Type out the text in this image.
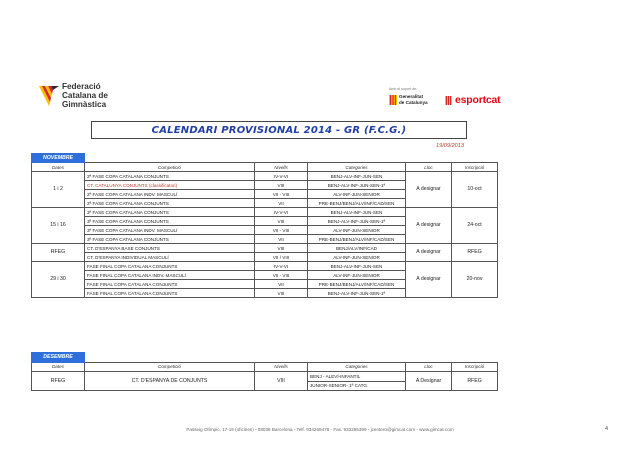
Federació
Catalana de
Gimnàstica
Amb el suport de:
Generalitat
de Catalunya	esportcat
CALENDARI PROVISIONAL 2014 - GR (F.C.G.)
19/09/2013
NOVEMBRE					
Dates	Competició	Nivells	Categories	Lloc	Inscripció
1 i 2	2ª FASE COPA CATALANA CONJUNTS	IV-V-VI	BENJ-ALV-INF-JUN-SEN	A designar	10-oct
	CT. CATALUNYA CONJUNTS (classificatori)	VIII	BENJ-ALV-INF-JUN-SEN-1ª		
	2ª FASE COPA CATALANA INDV. MASCULÍ	VII - VIII	ALV-INF-JUN-SENIOR		
	2ª FASE COPA CATALANA CONJUNTS	VII	PRE-BENJ/BENJ/ALV/INF/CAD/SEN		
15 i 16	3ª FASE COPA CATALANA CONJUNTS	IV-V-VI	BENJ-ALV-INF-JUN-SEN	A designar	24-oct
	3ª FASE COPA CATALANA CONJUNTS	VIII	BENJ-ALV-INF-JUN-SEN-1ª		
	3ª FASE COPA CATALANA INDV. MASCULÍ	VII - VIII	ALV-INF-JUN-SENIOR		
	3ª FASE COPA CATALANA CONJUNTS	VII	PRE-BENJ/BENJ/ALV/INF/CAD/SEN		
RFEG	CT. D'ESPANYA BASE CONJUNTS	VIII	BENJ/ALV/INF/CAD	A designar	RFEG
	CT. D'ESPANYA INDIVIDUAL MASCULÍ	VII / VIII	ALV-INF-JUN-SENIOR		
29 i 30	FASE FINAL COPA CATALANA CONJUNTS	IV-V-VI	BENJ-ALV-INF-JUN-SEN	A designar	20-nov
	FASE FINAL COPA CATALANA INDV. MASCULÍ	VII - VIII	ALV-INF-JUN-SENIOR		
	FASE FINAL COPA CATALANA CONJUNTS	VII	PRE-BENJ/BENJ/ALV/INF/CAD/SEN		
	FASE FINAL COPA CATALANA CONJUNTS	VIII	BENJ-ALV-INF-JUN-SEN-1ª		
DESEMBRE					
Dates	Competició	Nivells	Categories	Lloc	Inscripció
RFEG	CT. D'ESPANYA DE CONJUNTS	VIII	BENJ - ALEVÍ-INFANTIL	A Designar	RFEG
			JUNIOR-SENIOR- 1ª CATG.		
Passeig Olímpic, 17-19 (oficines) - 08038 Barcelona - Telf. 934269478 - Fax. 933255399 - jcentero@gimcat.com - www.gimcat.com	4
